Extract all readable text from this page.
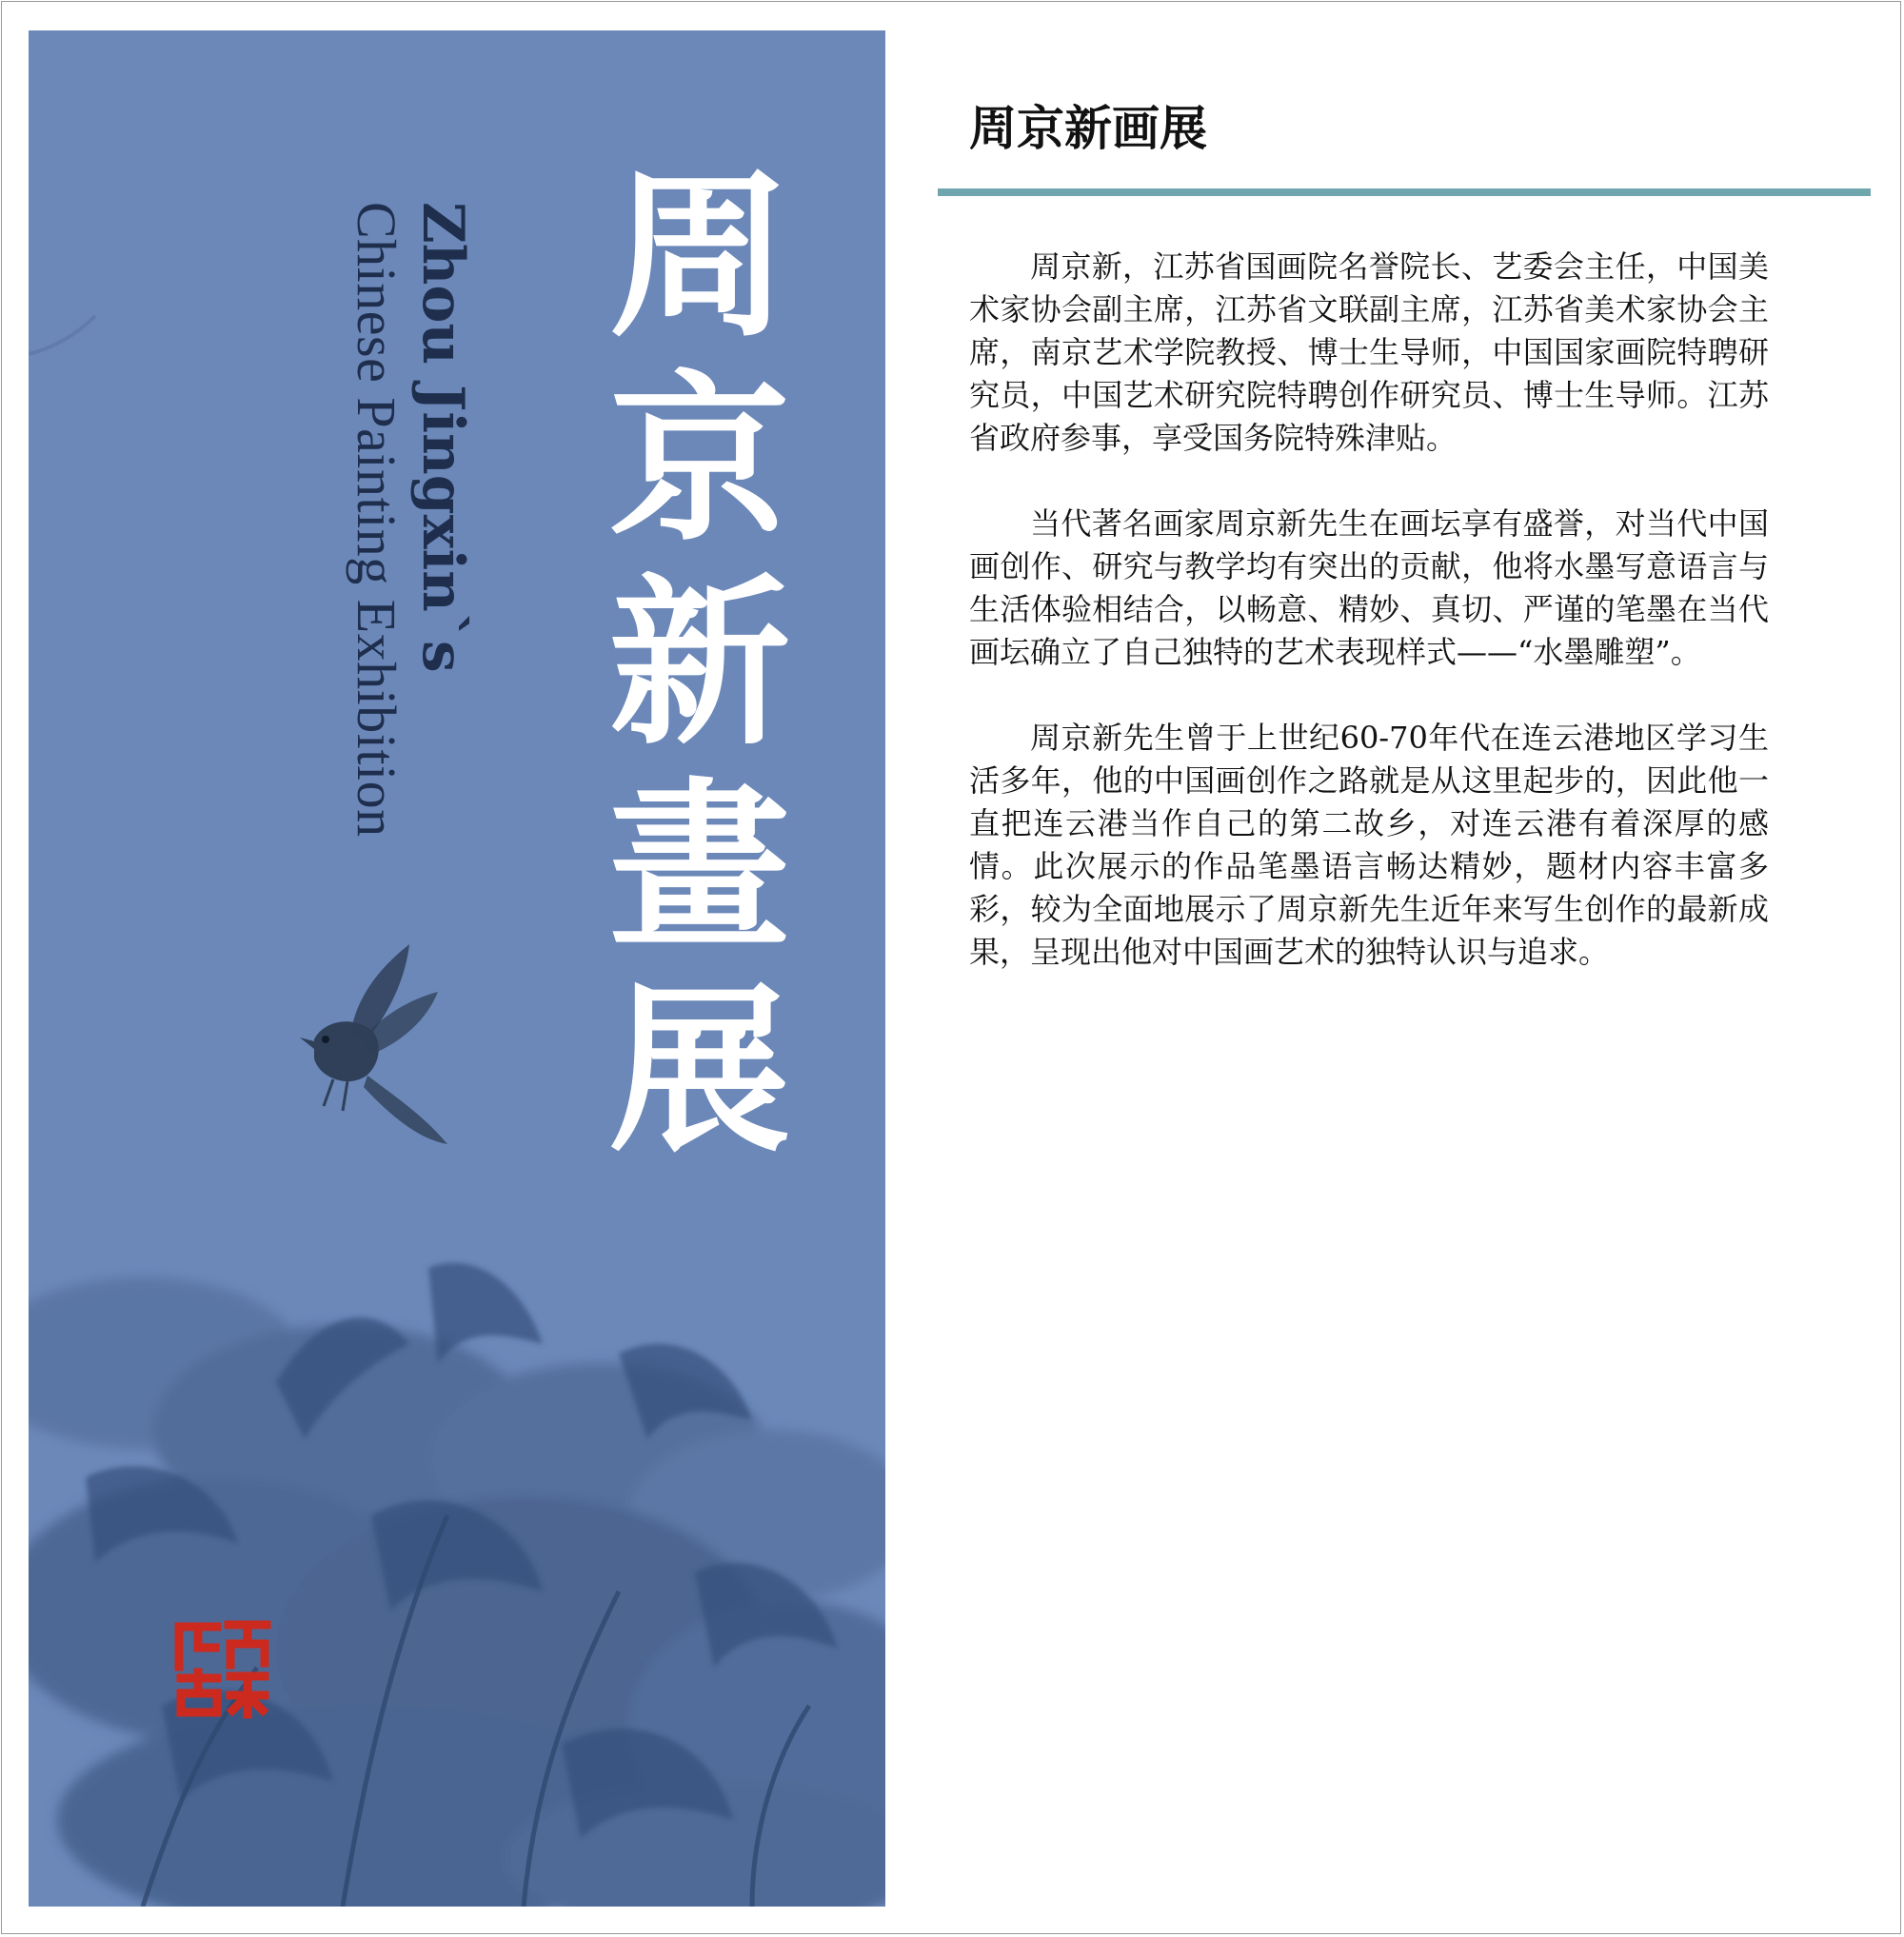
周
京
新
畫
展
Zhou Jingxin`s
Chinese Painting Exhibition
周京新画展

周京新，江苏省国画院名誉院长、艺委会主任，中国美术家协会副主席，江苏省文联副主席，江苏省美术家协会主席，南京艺术学院教授、博士生导师，中国国家画院特聘研究员，中国艺术研究院特聘创作研究员、博士生导师。江苏省政府参事，享受国务院特殊津贴。

当代著名画家周京新先生在画坛享有盛誉，对当代中国画创作、研究与教学均有突出的贡献，他将水墨写意语言与生活体验相结合，以畅意、精妙、真切、严谨的笔墨在当代画坛确立了自己独特的艺术表现样式——“水墨雕塑”。

周京新先生曾于上世纪60-70年代在连云港地区学习生活多年，他的中国画创作之路就是从这里起步的，因此他一直把连云港当作自己的第二故乡，对连云港有着深厚的感情。此次展示的作品笔墨语言畅达精妙，题材内容丰富多彩，较为全面地展示了周京新先生近年来写生创作的最新成果，呈现出他对中国画艺术的独特认识与追求。
